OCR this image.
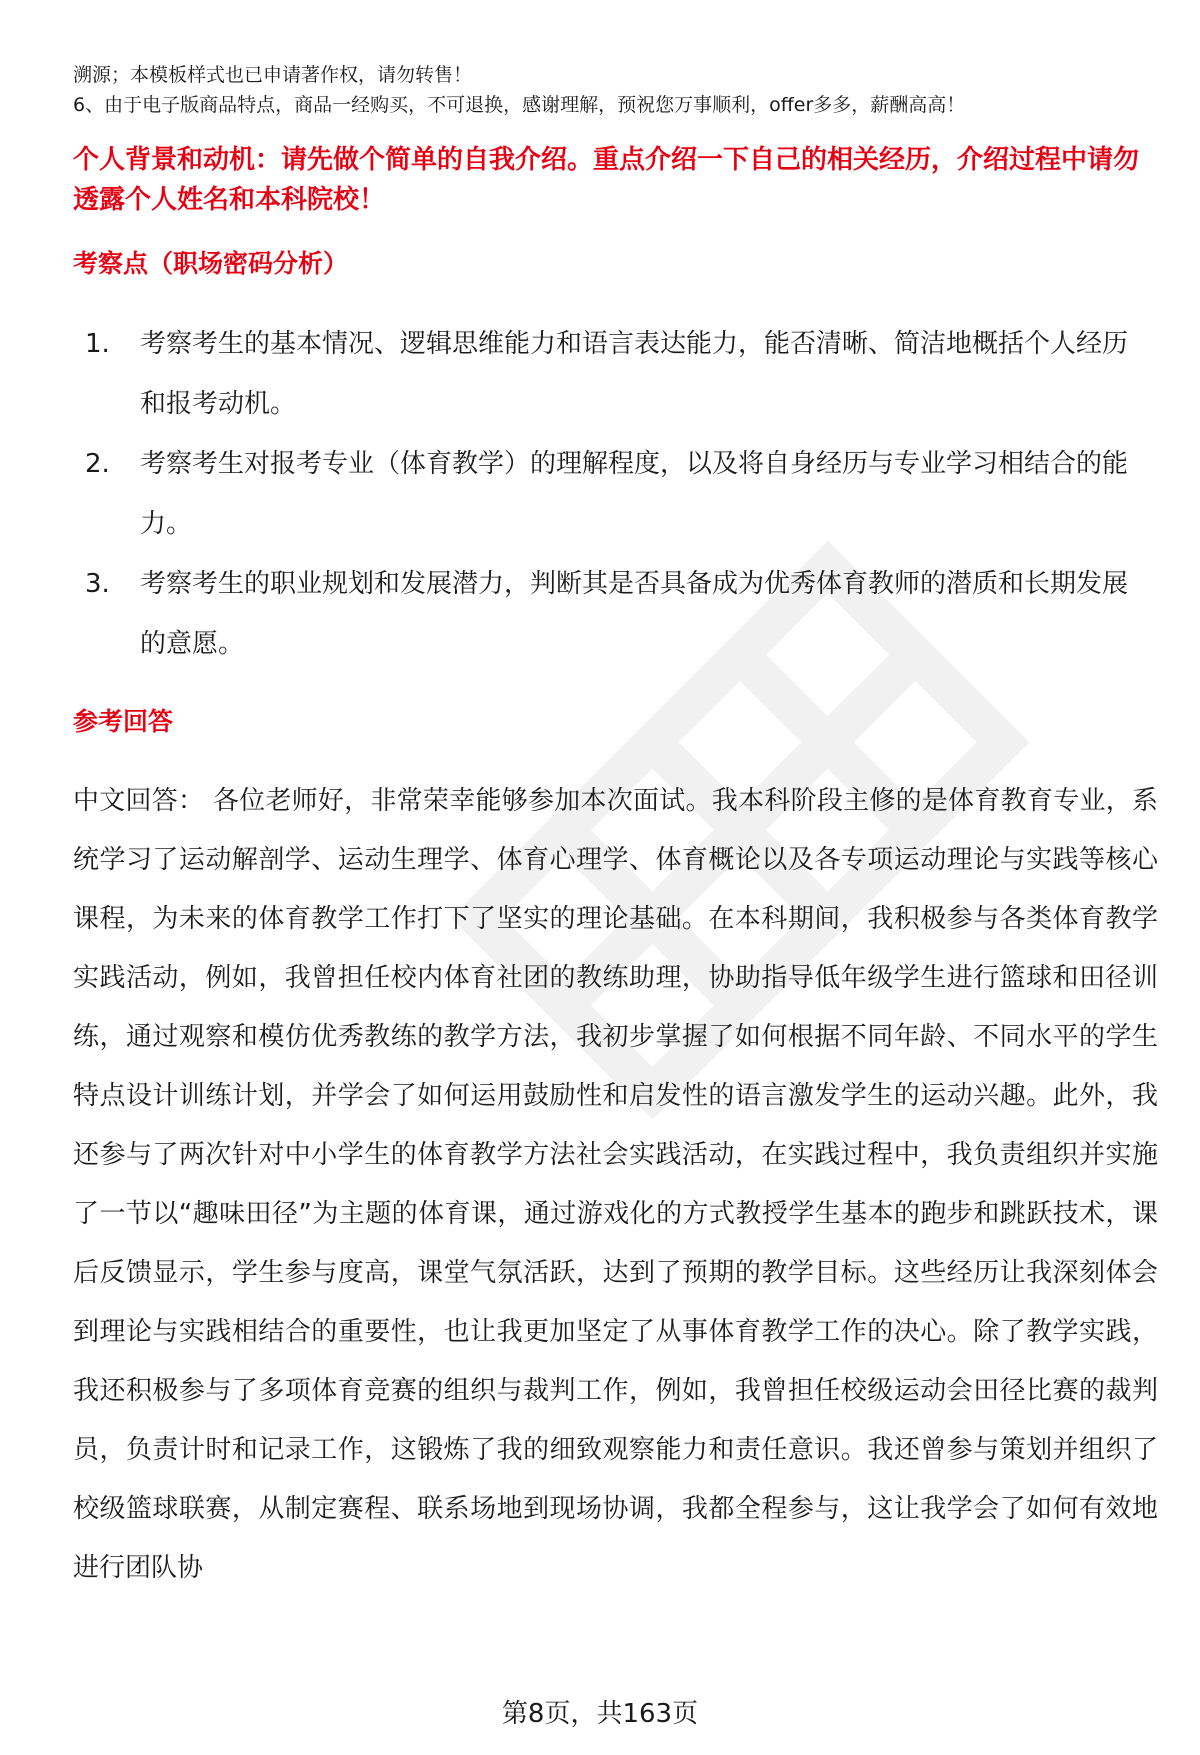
溯源；本模板样式也已申请著作权，请勿转售！

6、由于电子版商品特点，商品一经购买，不可退换，感谢理解，预祝您万事顺利，offer多多，薪酬高高！

个人背景和动机：请先做个简单的自我介绍。重点介绍一下自己的相关经历，介绍过程中请勿透露个人姓名和本科院校！

考察点（职场密码分析）
1.	考察考生的基本情况、逻辑思维能力和语言表达能力，能否清晰、简洁地概括个人经历和报考动机。
2.	考察考生对报考专业（体育教学）的理解程度，以及将自身经历与专业学习相结合的能力。
3.	考察考生的职业规划和发展潜力，判断其是否具备成为优秀体育教师的潜质和长期发展的意愿。
参考回答

中文回答： 各位老师好，非常荣幸能够参加本次面试。我本科阶段主修的是体育教育专业，系统学习了运动解剖学、运动生理学、体育心理学、体育概论以及各专项运动理论与实践等核心课程，为未来的体育教学工作打下了坚实的理论基础。在本科期间，我积极参与各类体育教学实践活动，例如，我曾担任校内体育社团的教练助理，协助指导低年级学生进行篮球和田径训练，通过观察和模仿优秀教练的教学方法，我初步掌握了如何根据不同年龄、不同水平的学生特点设计训练计划，并学会了如何运用鼓励性和启发性的语言激发学生的运动兴趣。此外，我还参与了两次针对中小学生的体育教学方法社会实践活动，在实践过程中，我负责组织并实施了一节以“趣味田径”为主题的体育课，通过游戏化的方式教授学生基本的跑步和跳跃技术，课后反馈显示，学生参与度高，课堂气氛活跃，达到了预期的教学目标。这些经历让我深刻体会到理论与实践相结合的重要性，也让我更加坚定了从事体育教学工作的决心。除了教学实践，我还积极参与了多项体育竞赛的组织与裁判工作，例如，我曾担任校级运动会田径比赛的裁判员，负责计时和记录工作，这锻炼了我的细致观察能力和责任意识。我还曾参与策划并组织了校级篮球联赛，从制定赛程、联系场地到现场协调，我都全程参与，这让我学会了如何有效地进行团队协

第8页，共163页
